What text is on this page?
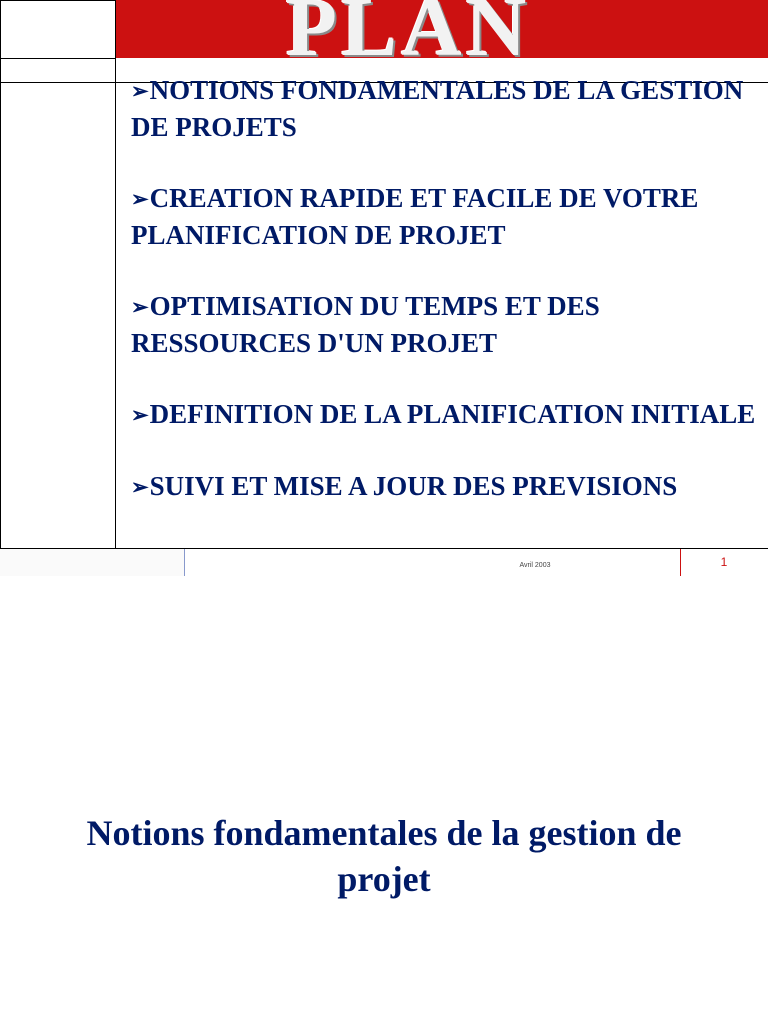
PLAN
➢NOTIONS FONDAMENTALES DE LA GESTION DE PROJETS
➢CREATION RAPIDE ET FACILE DE VOTRE PLANIFICATION DE PROJET
➢OPTIMISATION DU TEMPS ET DES RESSOURCES D'UN PROJET
➢DEFINITION DE LA PLANIFICATION INITIALE
➢SUIVI ET MISE A JOUR DES PREVISIONS
Avril 2003	1
Notions fondamentales de la gestion de projet
